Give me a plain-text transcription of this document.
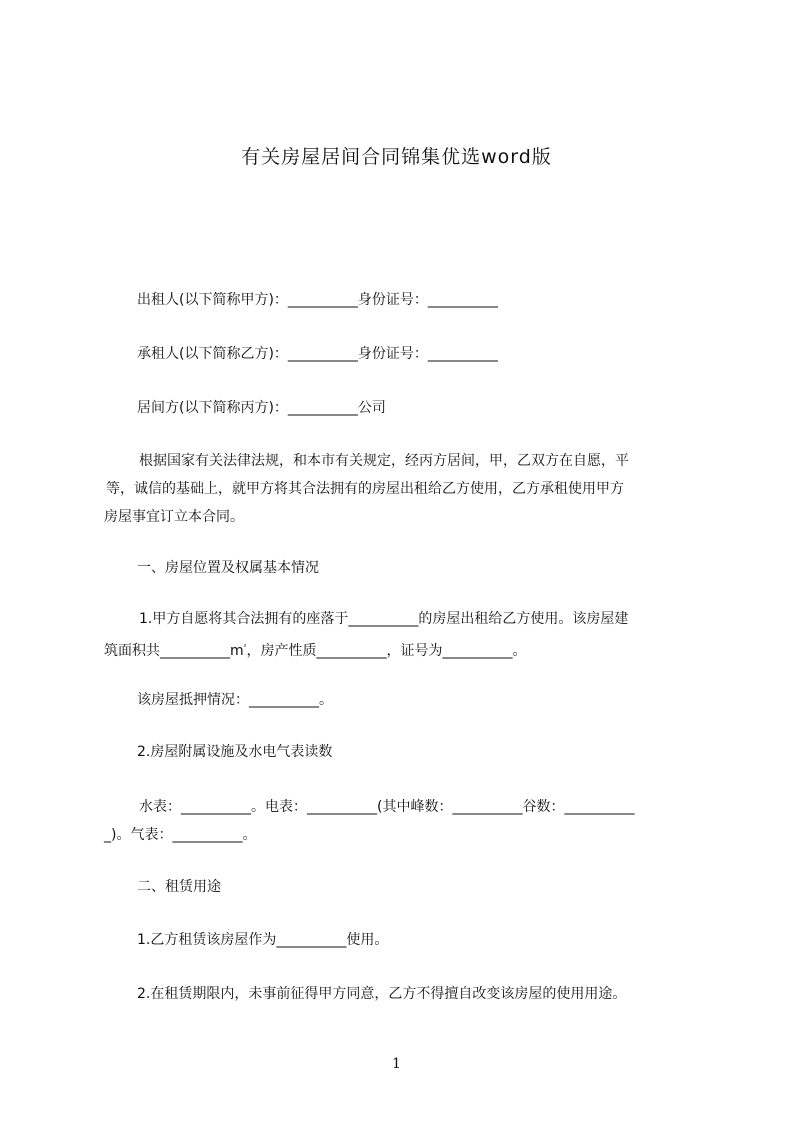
有关房屋居间合同锦集优选word版

出租人(以下简称甲方)：__________身份证号：__________

承租人(以下简称乙方)：__________身份证号：__________

居间方(以下简称丙方)：__________公司

根据国家有关法律法规，和本市有关规定，经丙方居间，甲，乙双方在自愿，平

等，诚信的基础上，就甲方将其合法拥有的房屋出租给乙方使用，乙方承租使用甲方

房屋事宜订立本合同。

一、房屋位置及权属基本情况

1.甲方自愿将其合法拥有的座落于__________的房屋出租给乙方使用。该房屋建

筑面积共$\_\_\_\_\_\_\_\_\_\_m^{^2}$，房产性质__________，证号为__________。

该房屋抵押情况：__________。

2.房屋附属设施及水电气表读数

水表：__________。电表：__________(其中峰数：__________谷数：__________

_)。气表：__________。

二、租赁用途

1.乙方租赁该房屋作为__________使用。

2.在租赁期限内，未事前征得甲方同意，乙方不得擅自改变该房屋的使用用途。

1
